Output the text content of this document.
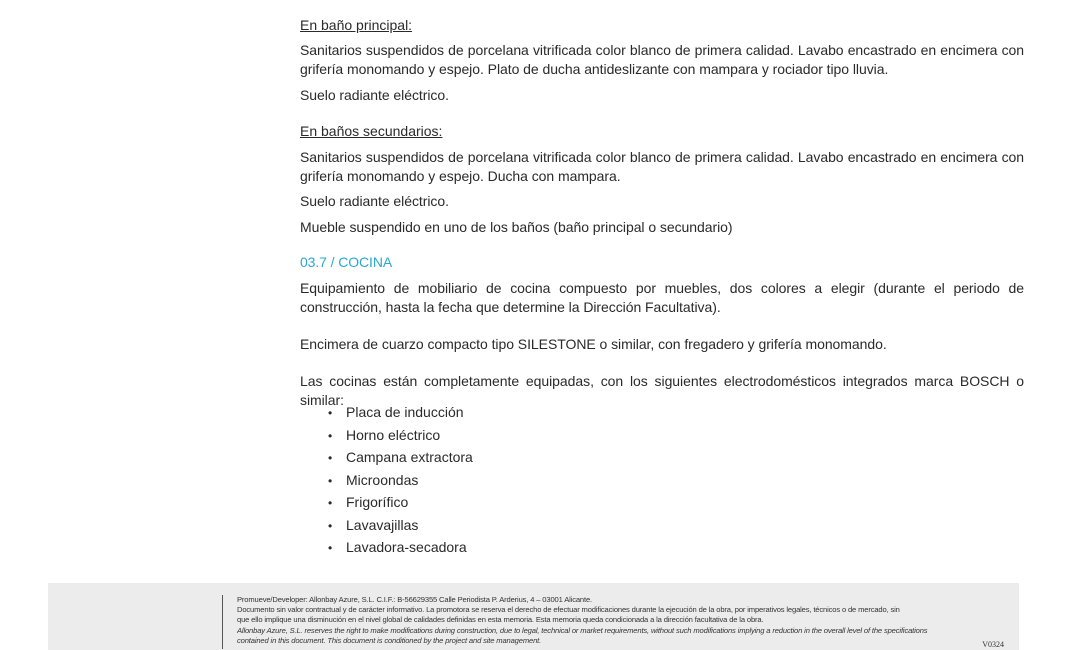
En baño principal:
Sanitarios suspendidos de porcelana vitrificada color blanco de primera calidad. Lavabo encastrado en encimera con grifería monomando y espejo. Plato de ducha antideslizante con mampara y rociador tipo lluvia.
Suelo radiante eléctrico.
En baños secundarios:
Sanitarios suspendidos de porcelana vitrificada color blanco de primera calidad. Lavabo encastrado en encimera con grifería monomando y espejo. Ducha con mampara.
Suelo radiante eléctrico.
Mueble suspendido en uno de los baños (baño principal o secundario)
03.7 / COCINA
Equipamiento de mobiliario de cocina compuesto por muebles, dos colores a elegir (durante el periodo de construcción, hasta la fecha que determine la Dirección Facultativa).
Encimera de cuarzo compacto tipo SILESTONE o similar, con fregadero y grifería monomando.
Las cocinas están completamente equipadas, con los siguientes electrodomésticos integrados marca BOSCH o similar:
• Placa de inducción
• Horno eléctrico
• Campana extractora
• Microondas
• Frigorífico
• Lavavajillas
• Lavadora-secadora
Promueve/Developer: Allonbay Azure, S.L. C.I.F.: B-56629355 Calle Periodista P. Arderius, 4 – 03001 Alicante.
Documento sin valor contractual y de carácter informativo. La promotora se reserva el derecho de efectuar modificaciones durante la ejecución de la obra, por imperativos legales, técnicos o de mercado, sin
que ello implique una disminución en el nivel global de calidades definidas en esta memoria. Esta memoria queda condicionada a la dirección facultativa de la obra.
Allonbay Azure, S.L. reserves the right to make modifications during construction, due to legal, technical or market requirements, without such modifications implying a reduction in the overall level of the specifications
contained in this document. This document is conditioned by the project and site management.	V0324
